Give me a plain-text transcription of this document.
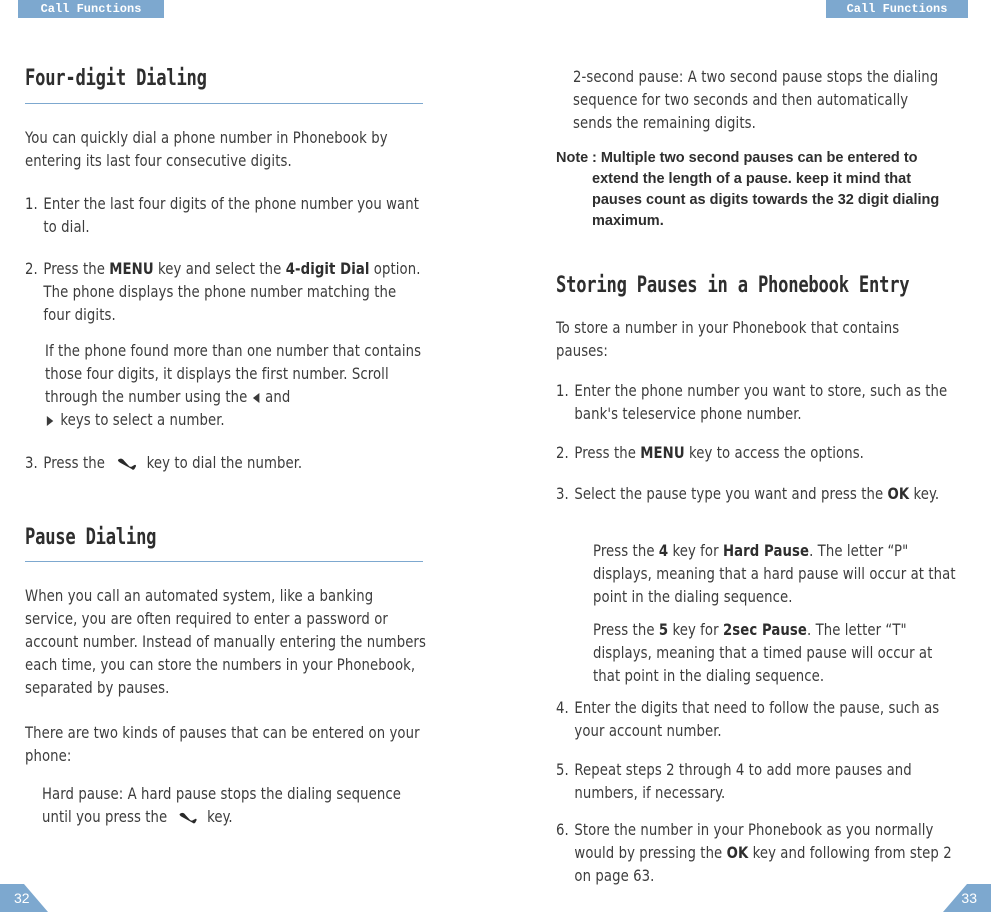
Call Functions	Call Functions
Four-digit Dialing

You can quickly dial a phone number in Phonebook by entering its last four consecutive digits.

1. Enter the last four digits of the phone number you want to dial.

2. Press the MENU key and select the 4-digit Dial option. The phone displays the phone number matching the four digits.

If the phone found more than one number that contains those four digits, it displays the first number. Scroll through the number using the  and
keys to select a number.

3. Press the  key to dial the number.

Pause Dialing

When you call an automated system, like a banking service, you are often required to enter a password or account number. Instead of manually entering the numbers each time, you can store the numbers in your Phonebook, separated by pauses.

There are two kinds of pauses that can be entered on your phone:

Hard pause: A hard pause stops the dialing sequence until you press the  key.

2-second pause: A two second pause stops the dialing sequence for two seconds and then automatically sends the remaining digits.

Note : Multiple two second pauses can be entered to extend the length of a pause. keep it mind that pauses count as digits towards the 32 digit dialing maximum.
Storing Pauses in a Phonebook Entry

To store a number in your Phonebook that contains pauses:

1. Enter the phone number you want to store, such as the bank's teleservice phone number.

2. Press the MENU key to access the options.

3. Select the pause type you want and press the OK key.

Press the 4 key for Hard Pause. The letter “P" displays, meaning that a hard pause will occur at that point in the dialing sequence.

Press the 5 key for 2sec Pause. The letter “T" displays, meaning that a timed pause will occur at that point in the dialing sequence.

4. Enter the digits that need to follow the pause, such as your account number.

5. Repeat steps 2 through 4 to add more pauses and numbers, if necessary.

6. Store the number in your Phonebook as you normally would by pressing the OK key and following from step 2 on page 63.

32	33
